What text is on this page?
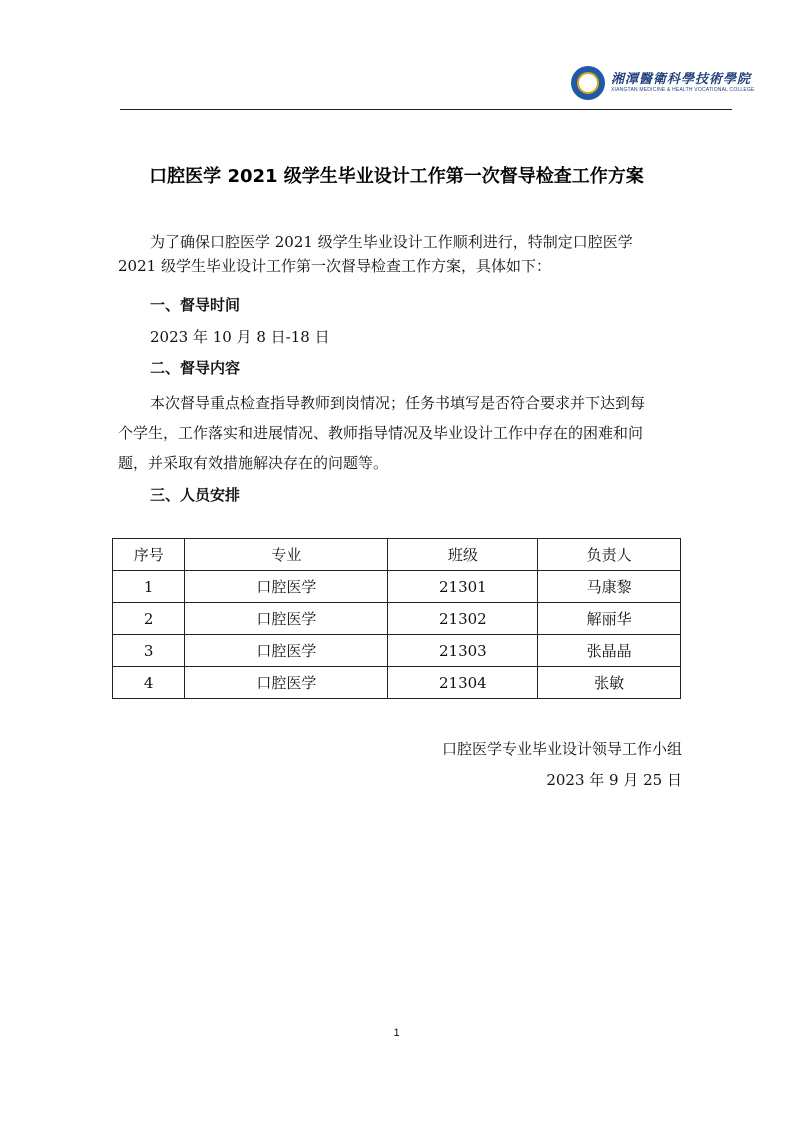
湘潭醫衛科學技術學院
XIANGTAN MEDICINE & HEALTH VOCATIONAL COLLEGE
口腔医学 2021 级学生毕业设计工作第一次督导检查工作方案
为了确保口腔医学 2021 级学生毕业设计工作顺利进行，特制定口腔医学
2021 级学生毕业设计工作第一次督导检查工作方案，具体如下：
一、督导时间
2023 年 10 月 8 日-18 日
二、督导内容
本次督导重点检查指导教师到岗情况；任务书填写是否符合要求并下达到每
个学生，工作落实和进展情况、教师指导情况及毕业设计工作中存在的困难和问
题，并采取有效措施解决存在的问题等。
三、人员安排
序号	专业	班级	负责人
1	口腔医学	21301	马康黎
2	口腔医学	21302	解丽华
3	口腔医学	21303	张晶晶
4	口腔医学	21304	张敏
口腔医学专业毕业设计领导工作小组
2023 年 9 月 25 日
1
